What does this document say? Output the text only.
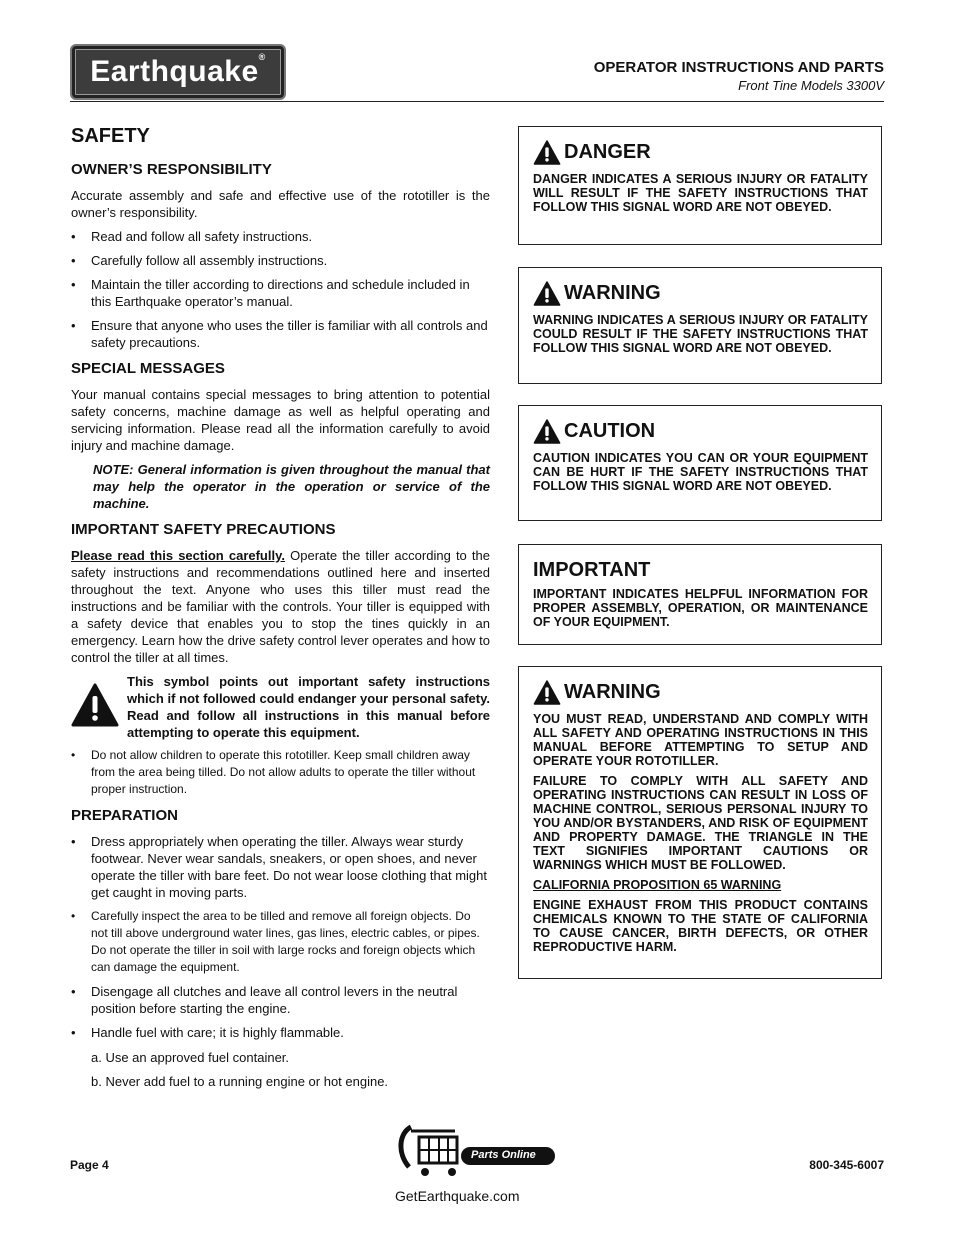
Earthquake®
OPERATOR INSTRUCTIONS AND PARTS
Front Tine Models 3300V
SAFETY
OWNER’S RESPONSIBILITY

Accurate assembly and safe and effective use of the rototiller is the owner’s responsibility.

• Read and follow all safety instructions.
• Carefully follow all assembly instructions.
• Maintain the tiller according to directions and schedule included in this Earthquake operator’s manual.
• Ensure that anyone who uses the tiller is familiar with all controls and safety precautions.
SPECIAL MESSAGES

Your manual contains special messages to bring attention to potential safety concerns, machine damage as well as helpful operating and servicing information. Please read all the information carefully to avoid injury and machine damage.

NOTE: General information is given throughout the manual that may help the operator in the operation or service of the machine.

IMPORTANT SAFETY PRECAUTIONS

Please read this section carefully. Operate the tiller according to the safety instructions and recommendations outlined here and inserted throughout the text. Anyone who uses this tiller must read the instructions and be familiar with the controls. Your tiller is equipped with a safety device that enables you to stop the tines quickly in an emergency. Learn how the drive safety control lever operates and how to control the tiller at all times.

This symbol points out important safety instructions which if not followed could endanger your personal safety. Read and follow all instructions in this manual before attempting to operate this equipment.

• Do not allow children to operate this rototiller. Keep small children away from the area being tilled. Do not allow adults to operate the tiller without proper instruction.
PREPARATION
• Dress appropriately when operating the tiller. Always wear sturdy footwear. Never wear sandals, sneakers, or open shoes, and never operate the tiller with bare feet. Do not wear loose clothing that might get caught in moving parts.
• Carefully inspect the area to be tilled and remove all foreign objects. Do not till above underground water lines, gas lines, electric cables, or pipes. Do not operate the tiller in soil with large rocks and foreign objects which can damage the equipment.
• Disengage all clutches and leave all control levers in the neutral position before starting the engine.
• Handle fuel with care; it is highly flammable.
a. Use an approved fuel container.
b. Never add fuel to a running engine or hot engine.
DANGER
DANGER INDICATES A SERIOUS INJURY OR FATALITY WILL RESULT IF THE SAFETY INSTRUCTIONS THAT FOLLOW THIS SIGNAL WORD ARE NOT OBEYED.
WARNING
WARNING INDICATES A SERIOUS INJURY OR FATALITY COULD RESULT IF THE SAFETY INSTRUCTIONS THAT FOLLOW THIS SIGNAL WORD ARE NOT OBEYED.
CAUTION
CAUTION INDICATES YOU CAN OR YOUR EQUIPMENT CAN BE HURT IF THE SAFETY INSTRUCTIONS THAT FOLLOW THIS SIGNAL WORD ARE NOT OBEYED.
IMPORTANT
IMPORTANT INDICATES HELPFUL INFORMATION FOR PROPER ASSEMBLY, OPERATION, OR MAINTENANCE OF YOUR EQUIPMENT.
WARNING

YOU MUST READ, UNDERSTAND AND COMPLY WITH ALL SAFETY AND OPERATING INSTRUCTIONS IN THIS MANUAL BEFORE ATTEMPTING TO SETUP AND OPERATE YOUR ROTOTILLER.

FAILURE TO COMPLY WITH ALL SAFETY AND OPERATING INSTRUCTIONS CAN RESULT IN LOSS OF MACHINE CONTROL, SERIOUS PERSONAL INJURY TO YOU AND/OR BYSTANDERS, AND RISK OF EQUIPMENT AND PROPERTY DAMAGE. THE TRIANGLE IN THE TEXT SIGNIFIES IMPORTANT CAUTIONS OR WARNINGS WHICH MUST BE FOLLOWED.

CALIFORNIA PROPOSITION 65 WARNING

ENGINE EXHAUST FROM THIS PRODUCT CONTAINS CHEMICALS KNOWN TO THE STATE OF CALIFORNIA TO CAUSE CANCER, BIRTH DEFECTS, OR OTHER REPRODUCTIVE HARM.

Page 4
Parts Online
GetEarthquake.com
800-345-6007
